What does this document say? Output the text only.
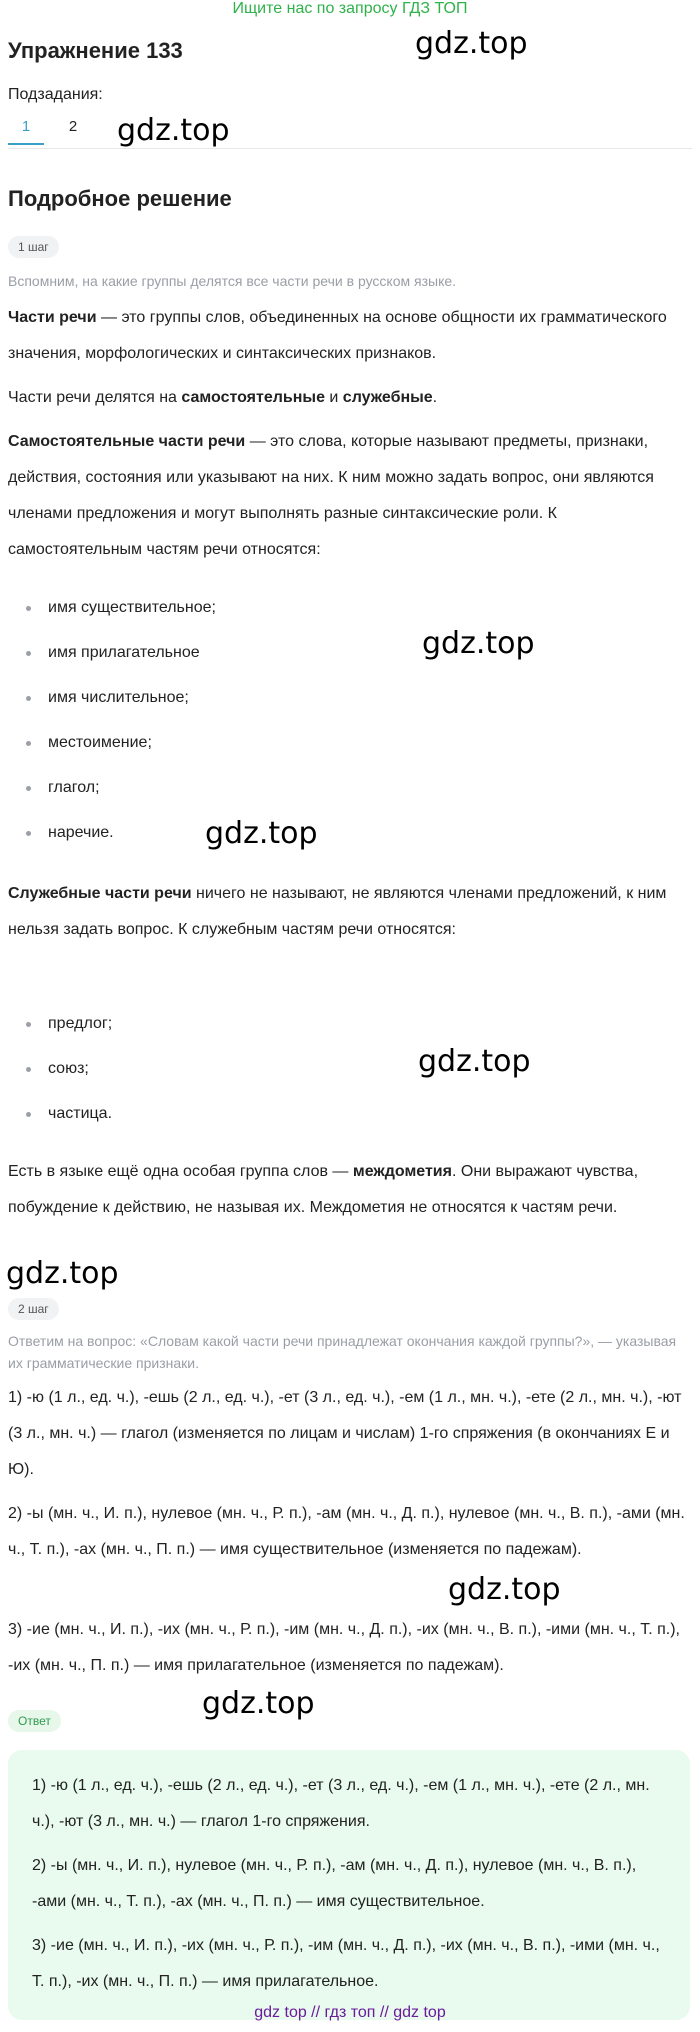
Ищите нас по запросу ГДЗ ТОП
Упражнение 133	gdz.top
Подзадания:
1	2	gdz.top
Подробное решение
1 шаг
Вспомним, на какие группы делятся все части речи в русском языке.
Части речи — это группы слов, объединенных на основе общности их грамматического значения, морфологических и синтаксических признаков.
Части речи делятся на самостоятельные и служебные.
Самостоятельные части речи — это слова, которые называют предметы, признаки, действия, состояния или указывают на них. К ним можно задать вопрос, они являются членами предложения и могут выполнять разные синтаксические роли. К самостоятельным частям речи относятся:
имя существительное;
имя прилагательное
имя числительное;
местоимение;
глагол;
наречие.
gdz.top
gdz.top
Служебные части речи ничего не называют, не являются членами предложений, к ним нельзя задать вопрос. К служебным частям речи относятся:
предлог;
союз;
частица.
gdz.top
Есть в языке ещё одна особая группа слов — междометия. Они выражают чувства, побуждение к действию, не называя их. Междометия не относятся к частям речи.
gdz.top
2 шаг
Ответим на вопрос: «Словам какой части речи принадлежат окончания каждой группы?», — указывая их грамматические признаки.
1) -ю (1 л., ед. ч.), -ешь (2 л., ед. ч.), -ет (3 л., ед. ч.), -ем (1 л., мн. ч.), -ете (2 л., мн. ч.), -ют (3 л., мн. ч.) — глагол (изменяется по лицам и числам) 1-го спряжения (в окончаниях Е и Ю).
2) -ы (мн. ч., И. п.), нулевое (мн. ч., Р. п.), -ам (мн. ч., Д. п.), нулевое (мн. ч., В. п.), -ами (мн. ч., Т. п.), -ах (мн. ч., П. п.) — имя существительное (изменяется по падежам).
gdz.top
3) -ие (мн. ч., И. п.), -их (мн. ч., Р. п.), -им (мн. ч., Д. п.), -их (мн. ч., В. п.), -ими (мн. ч., Т. п.), -их (мн. ч., П. п.) — имя прилагательное (изменяется по падежам).
gdz.top
Ответ
1) -ю (1 л., ед. ч.), -ешь (2 л., ед. ч.), -ет (3 л., ед. ч.), -ем (1 л., мн. ч.), -ете (2 л., мн. ч.), -ют (3 л., мн. ч.) — глагол 1-го спряжения.
2) -ы (мн. ч., И. п.), нулевое (мн. ч., Р. п.), -ам (мн. ч., Д. п.), нулевое (мн. ч., В. п.), -ами (мн. ч., Т. п.), -ах (мн. ч., П. п.) — имя существительное.
3) -ие (мн. ч., И. п.), -их (мн. ч., Р. п.), -им (мн. ч., Д. п.), -их (мн. ч., В. п.), -ими (мн. ч., Т. п.), -их (мн. ч., П. п.) — имя прилагательное.
gdz top // гдз топ // gdz top
